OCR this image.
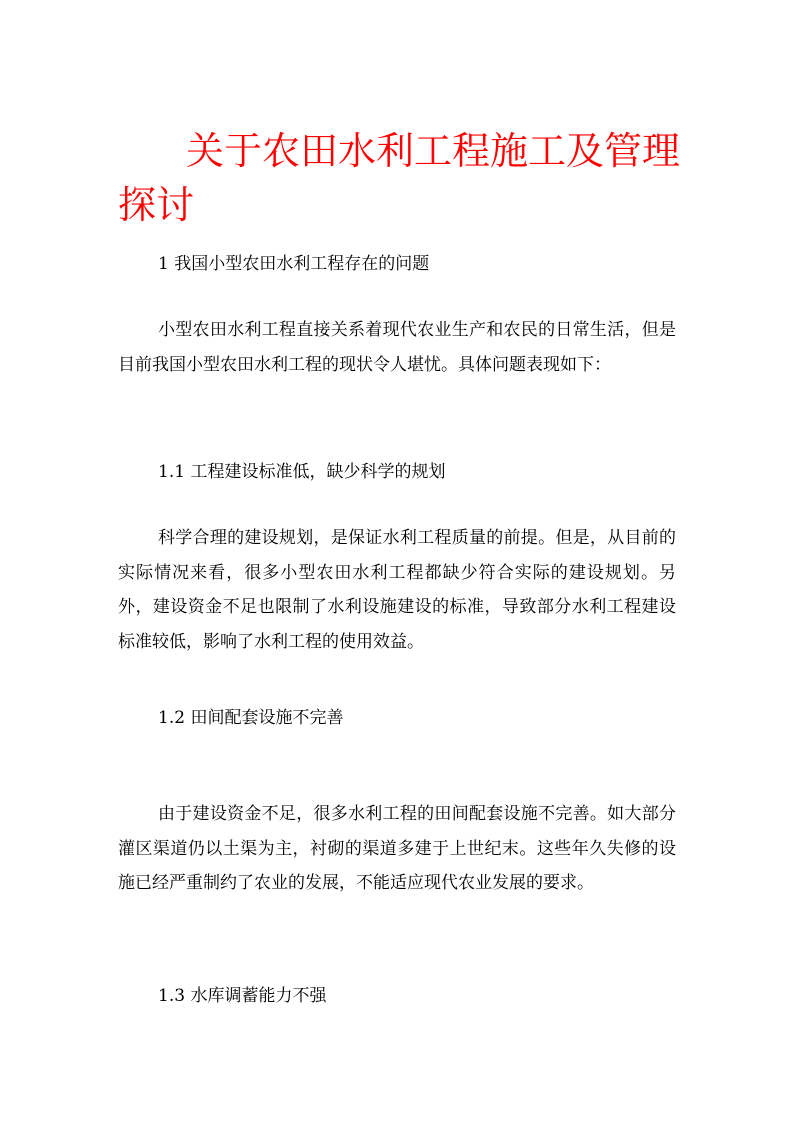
关于农田水利工程施工及管理探讨

1 我国小型农田水利工程存在的问题

小型农田水利工程直接关系着现代农业生产和农民的日常生活，但是目前我国小型农田水利工程的现状令人堪忧。具体问题表现如下：

1.1 工程建设标准低，缺少科学的规划

科学合理的建设规划，是保证水利工程质量的前提。但是，从目前的实际情况来看，很多小型农田水利工程都缺少符合实际的建设规划。另外，建设资金不足也限制了水利设施建设的标准，导致部分水利工程建设标准较低，影响了水利工程的使用效益。

1.2 田间配套设施不完善

由于建设资金不足，很多水利工程的田间配套设施不完善。如大部分灌区渠道仍以土渠为主，衬砌的渠道多建于上世纪末。这些年久失修的设施已经严重制约了农业的发展，不能适应现代农业发展的要求。

1.3 水库调蓄能力不强
